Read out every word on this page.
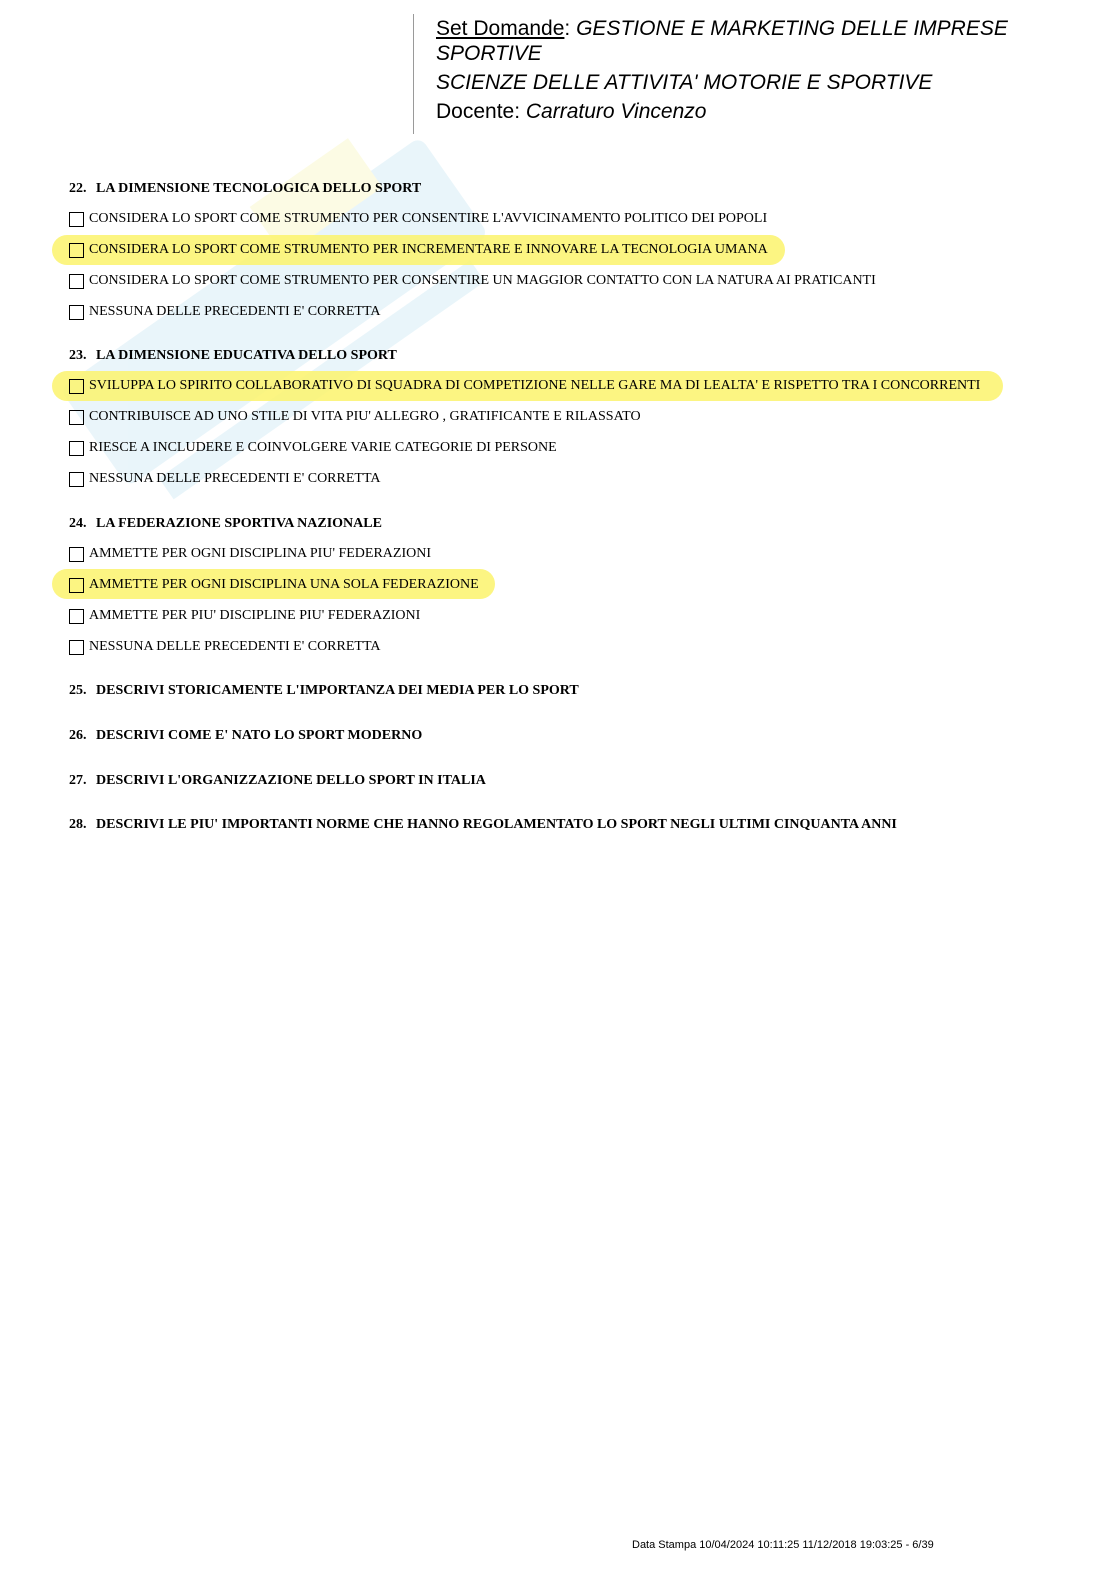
Set Domande: GESTIONE E MARKETING DELLE IMPRESE SPORTIVE
SCIENZE DELLE ATTIVITA' MOTORIE E SPORTIVE
Docente: Carraturo Vincenzo
22. LA DIMENSIONE TECNOLOGICA DELLO SPORT
CONSIDERA LO SPORT COME STRUMENTO PER CONSENTIRE L'AVVICINAMENTO POLITICO DEI POPOLI
CONSIDERA LO SPORT COME STRUMENTO PER INCREMENTARE E INNOVARE LA TECNOLOGIA UMANA
CONSIDERA LO SPORT COME STRUMENTO PER CONSENTIRE UN MAGGIOR CONTATTO CON LA NATURA AI PRATICANTI
NESSUNA DELLE PRECEDENTI E' CORRETTA
23. LA DIMENSIONE EDUCATIVA DELLO SPORT
SVILUPPA LO SPIRITO COLLABORATIVO DI SQUADRA DI COMPETIZIONE NELLE GARE MA DI LEALTA' E RISPETTO TRA I CONCORRENTI
CONTRIBUISCE AD UNO STILE DI VITA PIU' ALLEGRO , GRATIFICANTE E RILASSATO
RIESCE A INCLUDERE E COINVOLGERE VARIE CATEGORIE DI PERSONE
NESSUNA DELLE PRECEDENTI E' CORRETTA
24. LA FEDERAZIONE SPORTIVA NAZIONALE
AMMETTE PER OGNI DISCIPLINA PIU' FEDERAZIONI
AMMETTE PER OGNI DISCIPLINA UNA SOLA FEDERAZIONE
AMMETTE PER PIU' DISCIPLINE PIU' FEDERAZIONI
NESSUNA DELLE PRECEDENTI E' CORRETTA
25. DESCRIVI STORICAMENTE L'IMPORTANZA DEI MEDIA PER LO SPORT
26. DESCRIVI COME E' NATO LO SPORT MODERNO
27. DESCRIVI L'ORGANIZZAZIONE DELLO SPORT IN ITALIA
28. DESCRIVI LE PIU' IMPORTANTI NORME CHE HANNO REGOLAMENTATO LO SPORT NEGLI ULTIMI CINQUANTA ANNI
Data Stampa 10/04/2024 10:11:25 11/12/2018 19:03:25 - 6/39
